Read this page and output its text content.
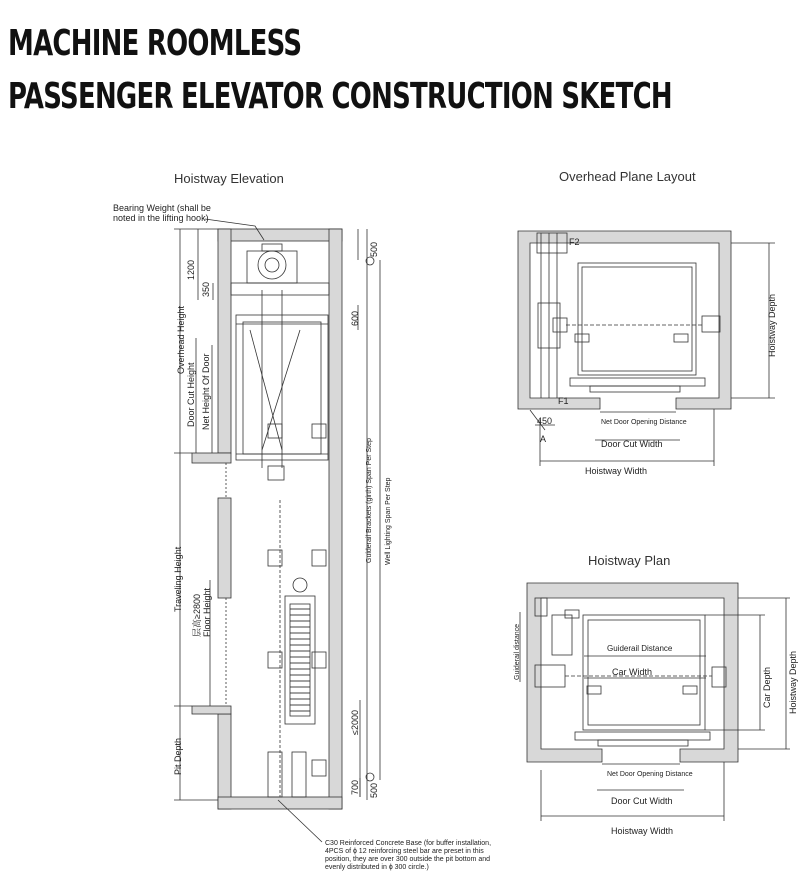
MACHINE ROOMLESS
PASSENGER ELEVATOR CONSTRUCTION SKETCH
Hoistway Elevation	Overhead Plane Layout
Hoistway Plan
Bearing Weight (shall be
noted in the lifting hook)
1200
350
500
600
Overhead Height
Door Cut Height Net Height Of Door
Guiderail Brackets (girth) Span Per Step Well Lighting Span Per Step
Traveling Height
层高≥2800 Floor Height
≤2000
Pit Depth
700 500
C30 Reinforced Concrete Base (for buffer installation,
4PCS of ɸ 12 reinforcing steel bar are preset in this
position, they are over 300 outside the pit bottom and
evenly distributed in ɸ 300 circle.)
F2
F1
450
A
Hoistway Depth
Net Door Opening Distance
Door Cut Width
Hoistway Width
Guiderail Distance
Car Width
Guiderail distance
Car Depth Hoistway Depth
Net Door Opening Distance
Door Cut Width
Hoistway Width
